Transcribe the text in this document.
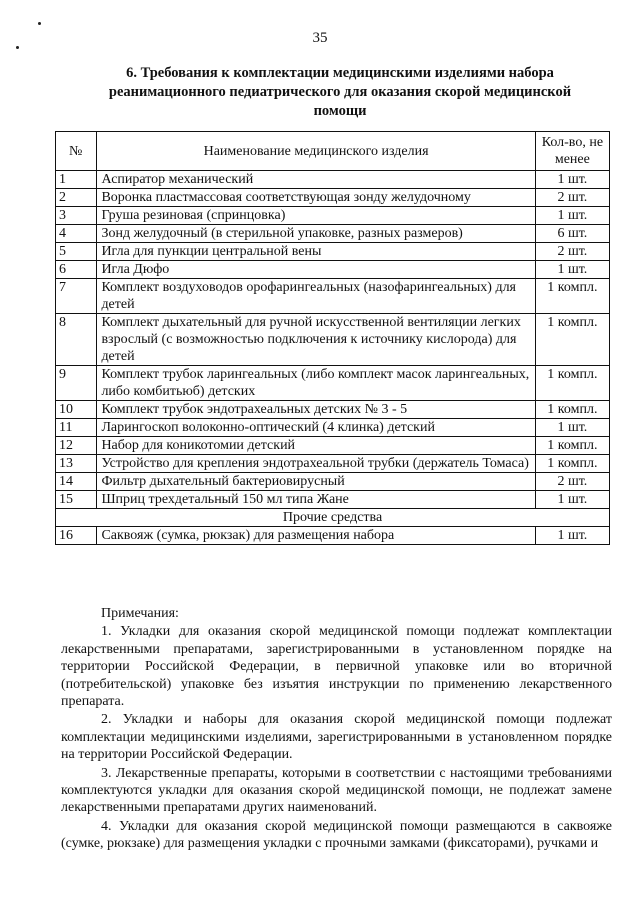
35
6. Требования к комплектации медицинскими изделиями набора реанимационного педиатрического для оказания скорой медицинской помощи
№	Наименование медицинского изделия	Кол-во, не менее
1	Аспиратор механический	1 шт.
2	Воронка пластмассовая соответствующая зонду желудочному	2 шт.
3	Груша резиновая (спринцовка)	1 шт.
4	Зонд желудочный (в стерильной упаковке, разных размеров)	6 шт.
5	Игла для пункции центральной вены	2 шт.
6	Игла Дюфо	1 шт.
7	Комплект воздуховодов орофарингеальных (назофарингеальных) для детей	1 компл.
8	Комплект дыхательный для ручной искусственной вентиляции легких взрослый (с возможностью подключения к источнику кислорода) для детей	1 компл.
9	Комплект трубок ларингеальных (либо комплект масок ларингеальных, либо комбитьюб) детских	1 компл.
10	Комплект трубок эндотрахеальных детских № 3 - 5	1 компл.
11	Ларингоскоп волоконно-оптический (4 клинка) детский	1 шт.
12	Набор для коникотомии детский	1 компл.
13	Устройство для крепления эндотрахеальной трубки (держатель Томаса)	1 компл.
14	Фильтр дыхательный бактериовирусный	2 шт.
15	Шприц трехдетальный 150 мл типа Жане	1 шт.
Прочие средства		
16	Саквояж (сумка, рюкзак) для размещения набора	1 шт.

Примечания:

1. Укладки для оказания скорой медицинской помощи подлежат комплектации лекарственными препаратами, зарегистрированными в установленном порядке на территории Российской Федерации, в первичной упаковке или во вторичной (потребительской) упаковке без изъятия инструкции по применению лекарственного препарата.

2. Укладки и наборы для оказания скорой медицинской помощи подлежат комплектации медицинскими изделиями, зарегистрированными в установленном порядке на территории Российской Федерации.

3. Лекарственные препараты, которыми в соответствии с настоящими требованиями комплектуются укладки для оказания скорой медицинской помощи, не подлежат замене лекарственными препаратами других наименований.

4. Укладки для оказания скорой медицинской помощи размещаются в саквояже (сумке, рюкзаке) для размещения укладки с прочными замками (фиксаторами), ручками и
